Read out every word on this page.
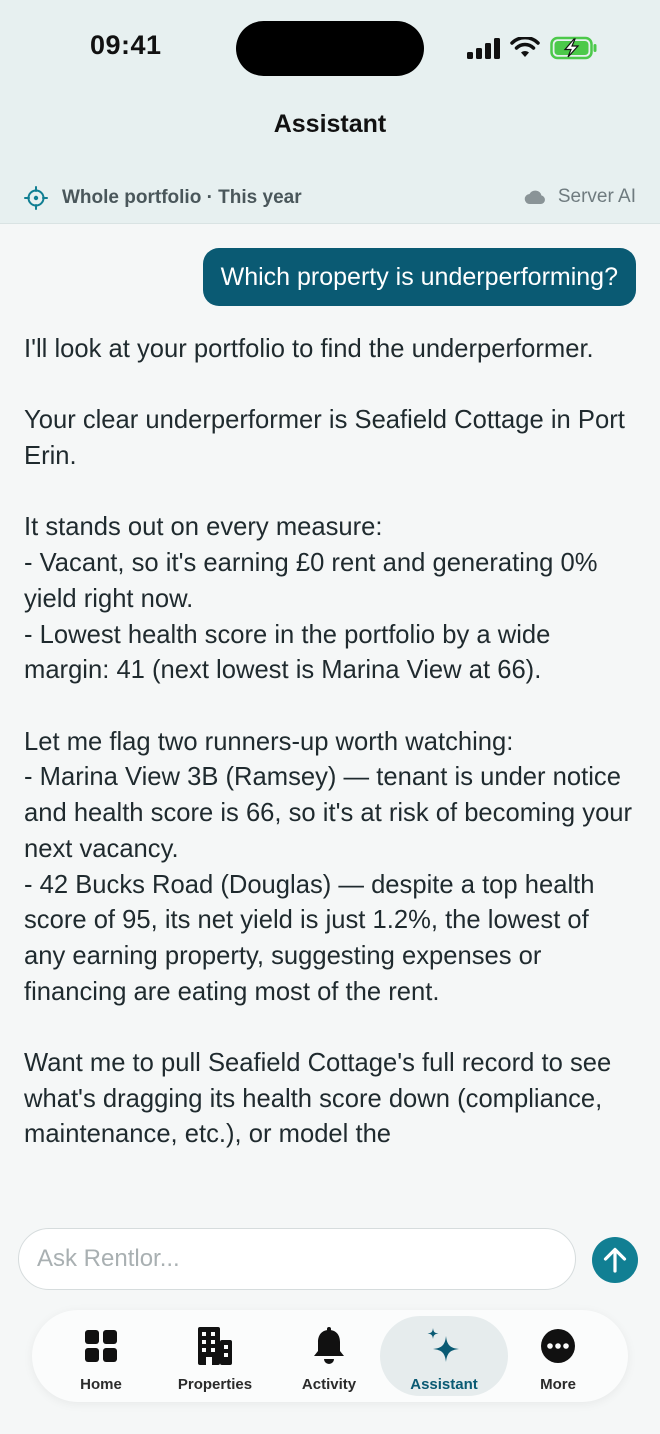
09:41
Assistant
Whole portfolio · This year	Server AI
Which property is underperforming?

I'll look at your portfolio to find the underperformer.

Your clear underperformer is Seafield Cottage in Port Erin.

It stands out on every measure:
- Vacant, so it's earning £0 rent and generating 0% yield right now.
- Lowest health score in the portfolio by a wide margin: 41 (next lowest is Marina View at 66).

Let me flag two runners-up worth watching:
- Marina View 3B (Ramsey) — tenant is under notice and health score is 66, so it's at risk of becoming your next vacancy.
- 42 Bucks Road (Douglas) — despite a top health score of 95, its net yield is just 1.2%, the lowest of any earning property, suggesting expenses or financing are eating most of the rent.

Want me to pull Seafield Cottage's full record to see what's dragging its health score down (compliance, maintenance, etc.), or model the

Ask Rentlor...
Home	Properties	Activity	Assistant	More
